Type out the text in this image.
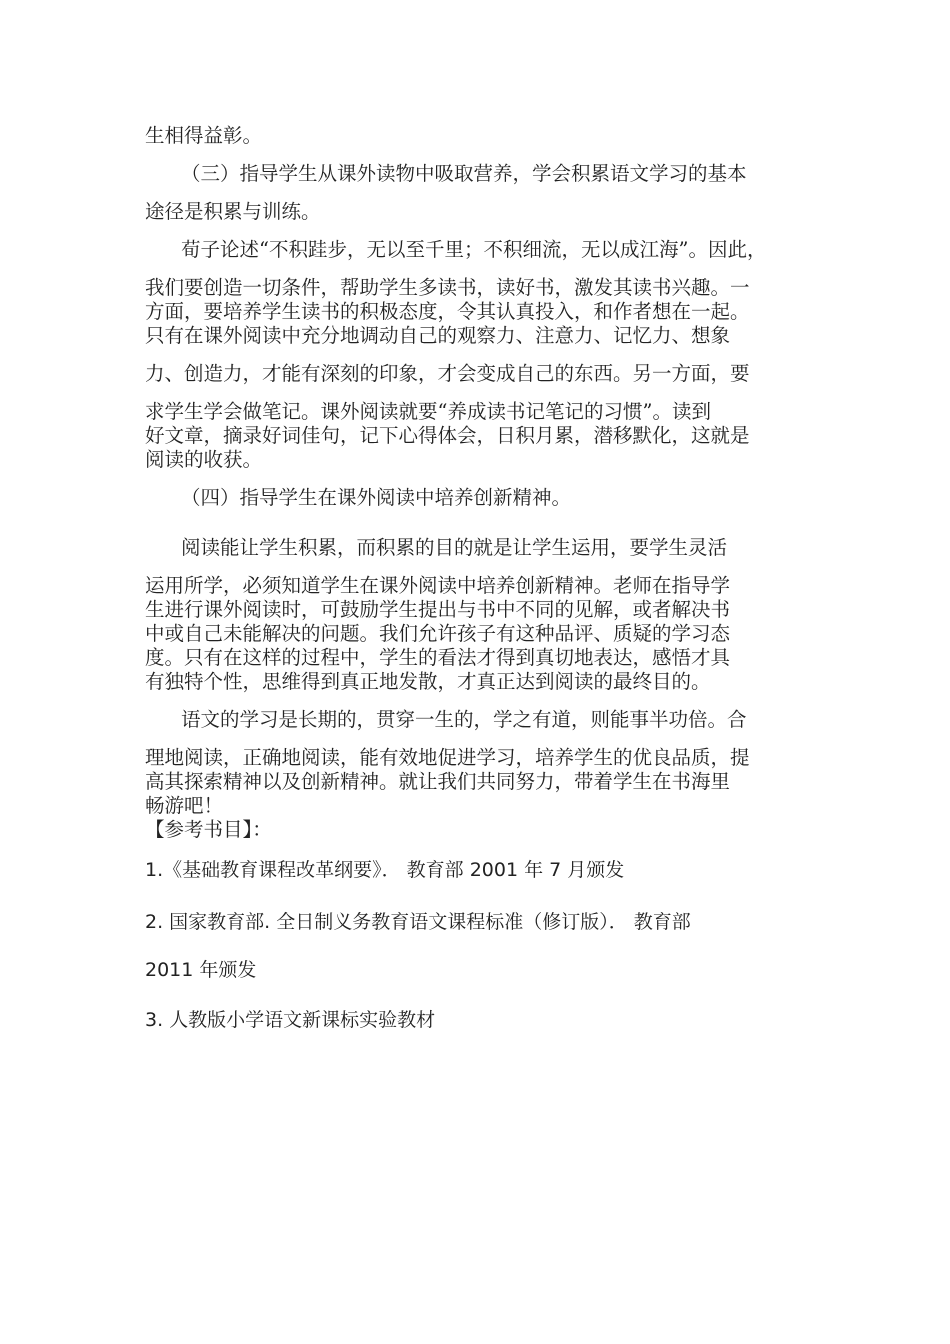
生相得益彰。
（三）指导学生从课外读物中吸取营养，学会积累语文学习的基本
途径是积累与训练。
荀子论述“不积跬步，无以至千里；不积细流，无以成江海”。因此，
我们要创造一切条件，帮助学生多读书，读好书，激发其读书兴趣。一
方面，要培养学生读书的积极态度，令其认真投入，和作者想在一起。
只有在课外阅读中充分地调动自己的观察力、注意力、记忆力、想象
力、创造力，才能有深刻的印象，才会变成自己的东西。另一方面，要
求学生学会做笔记。课外阅读就要“养成读书记笔记的习惯”。读到
好文章，摘录好词佳句，记下心得体会，日积月累，潜移默化，这就是
阅读的收获。
（四）指导学生在课外阅读中培养创新精神。
阅读能让学生积累，而积累的目的就是让学生运用，要学生灵活
运用所学，必须知道学生在课外阅读中培养创新精神。老师在指导学
生进行课外阅读时，可鼓励学生提出与书中不同的见解，或者解决书
中或自己未能解决的问题。我们允许孩子有这种品评、质疑的学习态
度。只有在这样的过程中，学生的看法才得到真切地表达，感悟才具
有独特个性，思维得到真正地发散，才真正达到阅读的最终目的。
语文的学习是长期的，贯穿一生的，学之有道，则能事半功倍。合
理地阅读，正确地阅读，能有效地促进学习，培养学生的优良品质，提
高其探索精神以及创新精神。就让我们共同努力，带着学生在书海里
畅游吧！
【参考书目】：
1.《基础教育课程改革纲要》． 教育部 2001 年 7 月颁发
2. 国家教育部. 全日制义务教育语文课程标准（修订版）． 教育部
2011 年颁发
3. 人教版小学语文新课标实验教材
